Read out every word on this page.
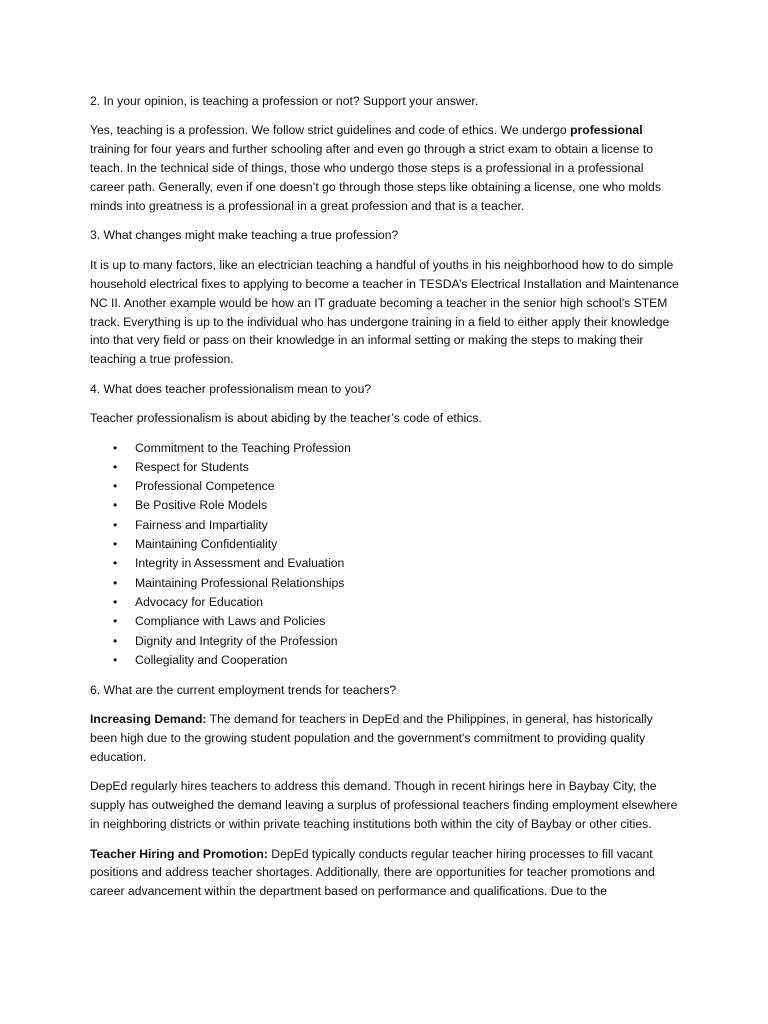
2. In your opinion, is teaching a profession or not? Support your answer.

Yes, teaching is a profession. We follow strict guidelines and code of ethics. We undergo professional training for four years and further schooling after and even go through a strict exam to obtain a license to teach. In the technical side of things, those who undergo those steps is a professional in a professional career path. Generally, even if one doesn’t go through those steps like obtaining a license, one who molds minds into greatness is a professional in a great profession and that is a teacher.

3. What changes might make teaching a true profession?

It is up to many factors, like an electrician teaching a handful of youths in his neighborhood how to do simple household electrical fixes to applying to become a teacher in TESDA’s Electrical Installation and Maintenance NC II. Another example would be how an IT graduate becoming a teacher in the senior high school’s STEM track. Everything is up to the individual who has undergone training in a field to either apply their knowledge into that very field or pass on their knowledge in an informal setting or making the steps to making their teaching a true profession.

4. What does teacher professionalism mean to you?

Teacher professionalism is about abiding by the teacher’s code of ethics.

• Commitment to the Teaching Profession
• Respect for Students
• Professional Competence
• Be Positive Role Models
• Fairness and Impartiality
• Maintaining Confidentiality
• Integrity in Assessment and Evaluation
• Maintaining Professional Relationships
• Advocacy for Education
• Compliance with Laws and Policies
• Dignity and Integrity of the Profession
• Collegiality and Cooperation

6. What are the current employment trends for teachers?

Increasing Demand: The demand for teachers in DepEd and the Philippines, in general, has historically been high due to the growing student population and the government's commitment to providing quality education.

DepEd regularly hires teachers to address this demand. Though in recent hirings here in Baybay City, the supply has outweighed the demand leaving a surplus of professional teachers finding employment elsewhere in neighboring districts or within private teaching institutions both within the city of Baybay or other cities.

Teacher Hiring and Promotion: DepEd typically conducts regular teacher hiring processes to fill vacant positions and address teacher shortages. Additionally, there are opportunities for teacher promotions and career advancement within the department based on performance and qualifications. Due to the
